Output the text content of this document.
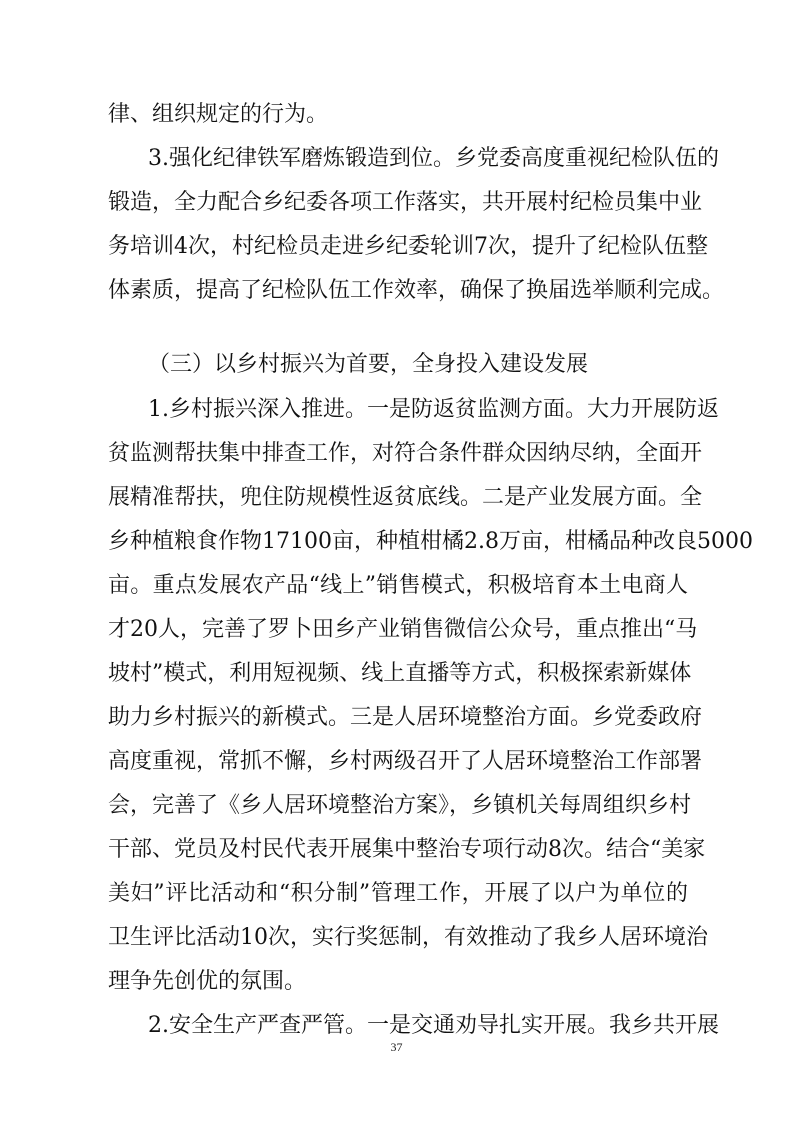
律、组织规定的行为。
3.强化纪律铁军磨炼锻造到位。乡党委高度重视纪检队伍的
锻造，全力配合乡纪委各项工作落实，共开展村纪检员集中业
务培训4次，村纪检员走进乡纪委轮训7次，提升了纪检队伍整
体素质，提高了纪检队伍工作效率，确保了换届选举顺利完成。
（三）以乡村振兴为首要，全身投入建设发展
1.乡村振兴深入推进。一是防返贫监测方面。大力开展防返
贫监测帮扶集中排查工作，对符合条件群众因纳尽纳，全面开
展精准帮扶，兜住防规模性返贫底线。二是产业发展方面。全
乡种植粮食作物17100亩，种植柑橘2.8万亩，柑橘品种改良5000
亩。重点发展农产品“线上”销售模式，积极培育本土电商人
才20人，完善了罗卜田乡产业销售微信公众号，重点推出“马
坡村”模式，利用短视频、线上直播等方式，积极探索新媒体
助力乡村振兴的新模式。三是人居环境整治方面。乡党委政府
高度重视，常抓不懈，乡村两级召开了人居环境整治工作部署
会，完善了《乡人居环境整治方案》，乡镇机关每周组织乡村
干部、党员及村民代表开展集中整治专项行动8次。结合“美家
美妇”评比活动和“积分制”管理工作，开展了以户为单位的
卫生评比活动10次，实行奖惩制，有效推动了我乡人居环境治
理争先创优的氛围。
2.安全生产严查严管。一是交通劝导扎实开展。我乡共开展
37
